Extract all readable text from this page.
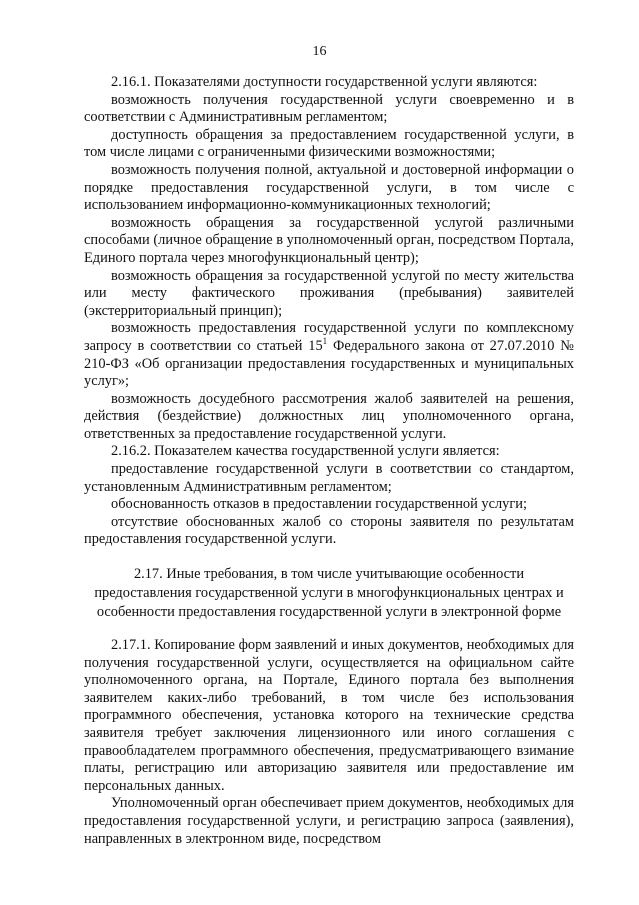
16

2.16.1. Показателями доступности государственной услуги являются:

возможность получения государственной услуги своевременно и в соответствии с Административным регламентом;

доступность обращения за предоставлением государственной услуги, в том числе лицами с ограниченными физическими возможностями;

возможность получения полной, актуальной и достоверной информации о порядке предоставления государственной услуги, в том числе с использованием информационно-коммуникационных технологий;

возможность обращения за государственной услугой различными способами (личное обращение в уполномоченный орган, посредством Портала, Единого портала через многофункциональный центр);

возможность обращения за государственной услугой по месту жительства или месту фактического проживания (пребывания) заявителей (экстерриториальный принцип);

возможность предоставления государственной услуги по комплексному запросу в соответствии со статьей $15^1$ Федерального закона от 27.07.2010 № 210-ФЗ «Об организации предоставления государственных и муниципальных услуг»;

возможность досудебного рассмотрения жалоб заявителей на решения, действия (бездействие) должностных лиц уполномоченного органа, ответственных за предоставление государственной услуги.

2.16.2. Показателем качества государственной услуги является:

предоставление государственной услуги в соответствии со стандартом, установленным Административным регламентом;

обоснованность отказов в предоставлении государственной услуги;

отсутствие обоснованных жалоб со стороны заявителя по результатам предоставления государственной услуги.

2.17. Иные требования, в том числе учитывающие особенности предоставления государственной услуги в многофункциональных центрах и особенности предоставления государственной услуги в электронной форме

2.17.1. Копирование форм заявлений и иных документов, необходимых для получения государственной услуги, осуществляется на официальном сайте уполномоченного органа, на Портале, Единого портала без выполнения заявителем каких-либо требований, в том числе без использования программного обеспечения, установка которого на технические средства заявителя требует заключения лицензионного или иного соглашения с правообладателем программного обеспечения, предусматривающего взимание платы, регистрацию или авторизацию заявителя или предоставление им персональных данных.

Уполномоченный орган обеспечивает прием документов, необходимых для предоставления государственной услуги, и регистрацию запроса (заявления), направленных в электронном виде, посредством
